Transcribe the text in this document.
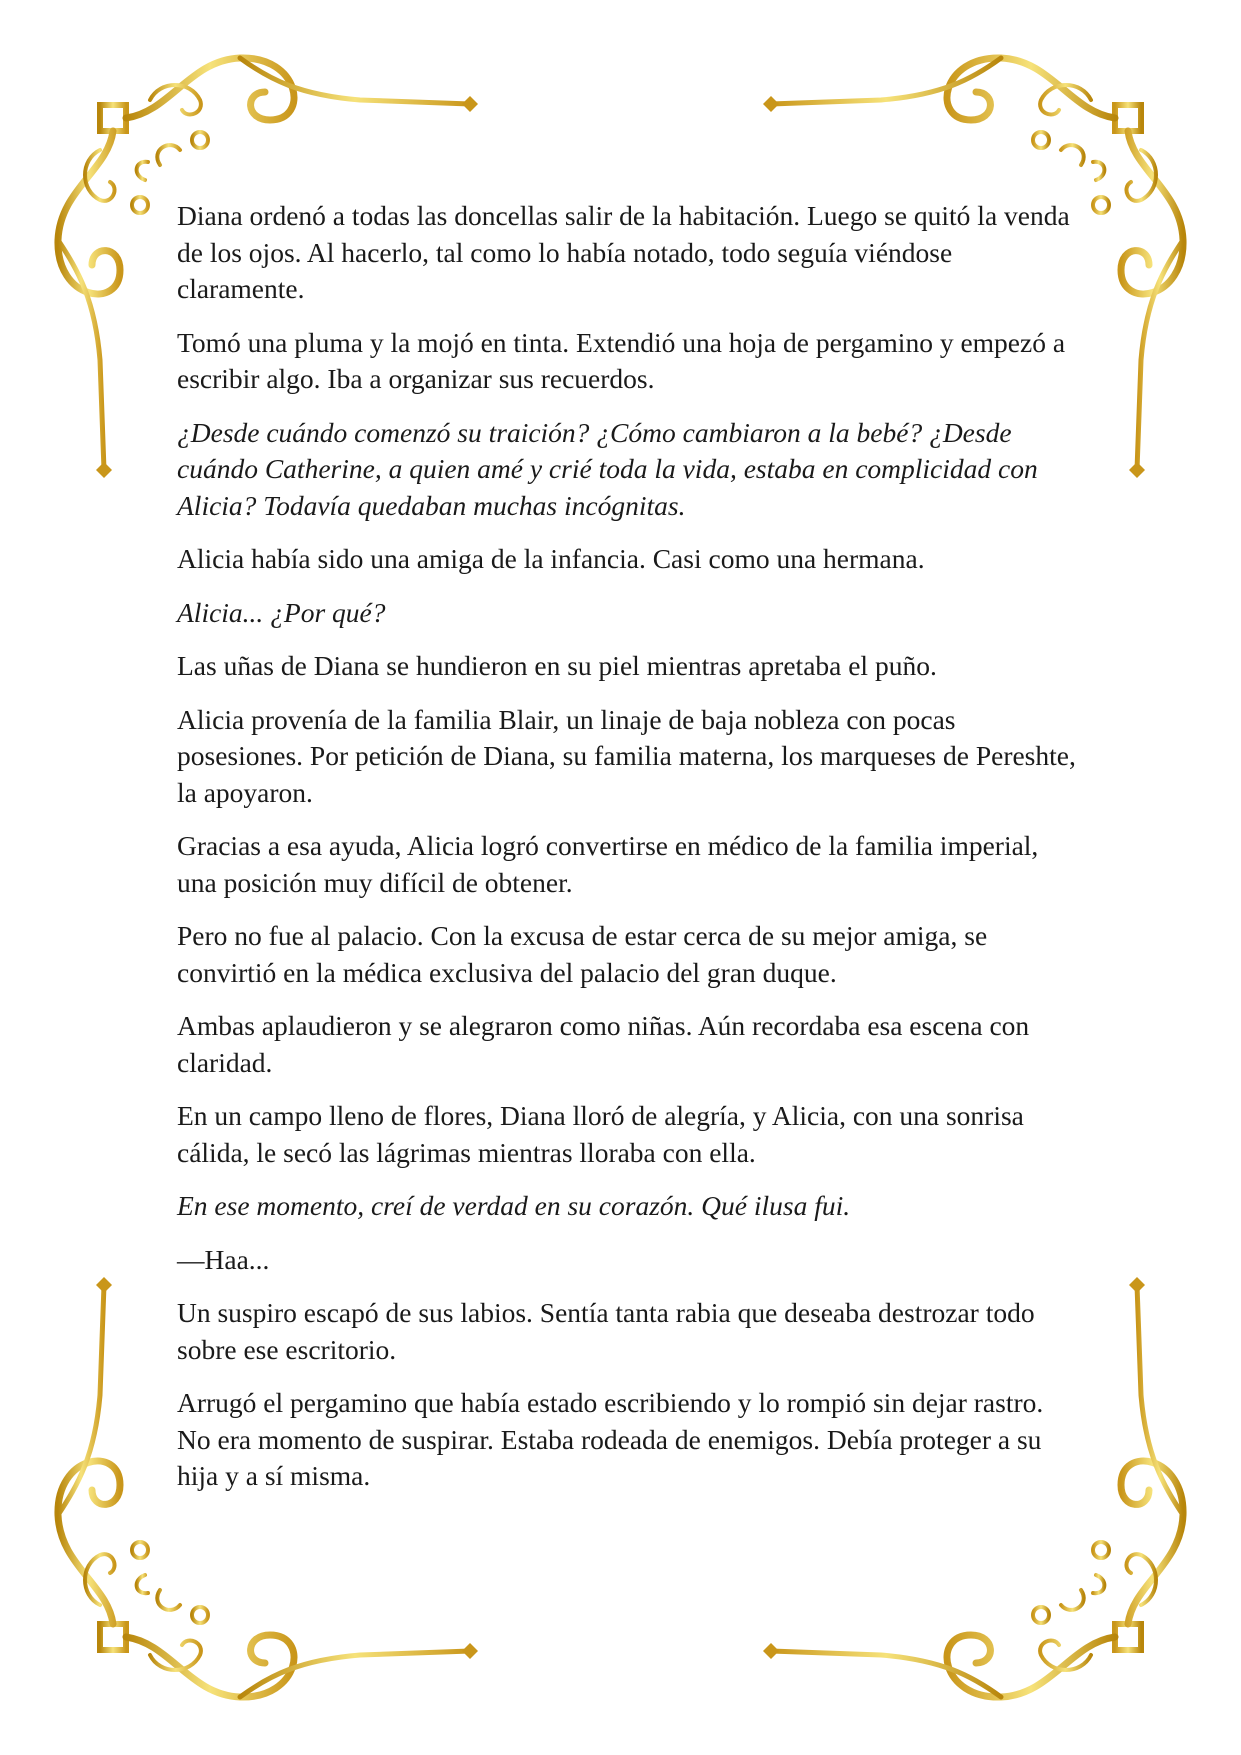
Diana ordenó a todas las doncellas salir de la habitación. Luego se quitó la venda de los ojos. Al hacerlo, tal como lo había notado, todo seguía viéndose claramente.

Tomó una pluma y la mojó en tinta. Extendió una hoja de pergamino y empezó a escribir algo. Iba a organizar sus recuerdos.

¿Desde cuándo comenzó su traición? ¿Cómo cambiaron a la bebé? ¿Desde cuándo Catherine, a quien amé y crié toda la vida, estaba en complicidad con Alicia? Todavía quedaban muchas incógnitas.

Alicia había sido una amiga de la infancia. Casi como una hermana.

Alicia... ¿Por qué?

Las uñas de Diana se hundieron en su piel mientras apretaba el puño.

Alicia provenía de la familia Blair, un linaje de baja nobleza con pocas posesiones. Por petición de Diana, su familia materna, los marqueses de Pereshte, la apoyaron.

Gracias a esa ayuda, Alicia logró convertirse en médico de la familia imperial, una posición muy difícil de obtener.

Pero no fue al palacio. Con la excusa de estar cerca de su mejor amiga, se convirtió en la médica exclusiva del palacio del gran duque.

Ambas aplaudieron y se alegraron como niñas. Aún recordaba esa escena con claridad.

En un campo lleno de flores, Diana lloró de alegría, y Alicia, con una sonrisa cálida, le secó las lágrimas mientras lloraba con ella.

En ese momento, creí de verdad en su corazón. Qué ilusa fui.

—Haa...

Un suspiro escapó de sus labios. Sentía tanta rabia que deseaba destrozar todo sobre ese escritorio.

Arrugó el pergamino que había estado escribiendo y lo rompió sin dejar rastro. No era momento de suspirar. Estaba rodeada de enemigos. Debía proteger a su hija y a sí misma.
